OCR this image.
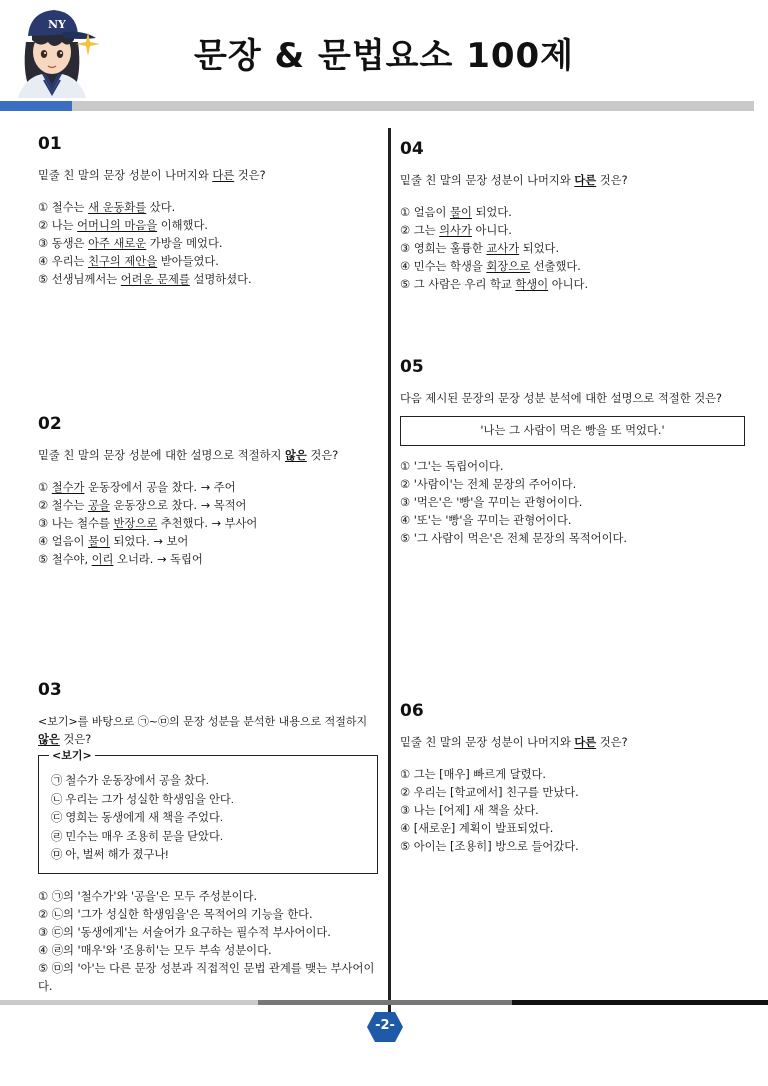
NY
문장 & 문법요소 100제
01
밑줄 친 말의 문장 성분이 나머지와 다른 것은?
① 철수는 새 운동화를 샀다.
② 나는 어머니의 마음을 이해했다.
③ 동생은 아주 새로운 가방을 메었다.
④ 우리는 친구의 제안을 받아들였다.
⑤ 선생님께서는 어려운 문제를 설명하셨다.
02
밑줄 친 말의 문장 성분에 대한 설명으로 적절하지 않은 것은?
① 철수가 운동장에서 공을 찼다. → 주어
② 철수는 공을 운동장으로 찼다. → 목적어
③ 나는 철수를 반장으로 추천했다. → 부사어
④ 얼음이 물이 되었다. → 보어
⑤ 철수야, 이리 오너라. → 독립어
03
<보기>를 바탕으로 ㉠~㉤의 문장 성분을 분석한 내용으로 적절하지
않은 것은?
<보기>
㉠ 철수가 운동장에서 공을 찼다.
㉡ 우리는 그가 성실한 학생임을 안다.
㉢ 영희는 동생에게 새 책을 주었다.
㉣ 민수는 매우 조용히 문을 닫았다.
㉤ 아, 벌써 해가 졌구나!
① ㉠의 '철수가'와 '공을'은 모두 주성분이다.
② ㉡의 '그가 성실한 학생임을'은 목적어의 기능을 한다.
③ ㉢의 '동생에게'는 서술어가 요구하는 필수적 부사어이다.
④ ㉣의 '매우'와 '조용히'는 모두 부속 성분이다.
⑤ ㉤의 '아'는 다른 문장 성분과 직접적인 문법 관계를 맺는 부사어이다.
04
밑줄 친 말의 문장 성분이 나머지와 다른 것은?
① 얼음이 물이 되었다.
② 그는 의사가 아니다.
③ 영희는 훌륭한 교사가 되었다.
④ 민수는 학생을 회장으로 선출했다.
⑤ 그 사람은 우리 학교 학생이 아니다.
05
다음 제시된 문장의 문장 성분 분석에 대한 설명으로 적절한 것은?
'나는 그 사람이 먹은 빵을 또 먹었다.'
① '그'는 독립어이다.
② '사람이'는 전체 문장의 주어이다.
③ '먹은'은 '빵'을 꾸미는 관형어이다.
④ '또'는 '빵'을 꾸미는 관형어이다.
⑤ '그 사람이 먹은'은 전체 문장의 목적어이다.
06
밑줄 친 말의 문장 성분이 나머지와 다른 것은?
① 그는 [매우] 빠르게 달렸다.
② 우리는 [학교에서] 친구를 만났다.
③ 나는 [어제] 새 책을 샀다.
④ [새로운] 계획이 발표되었다.
⑤ 아이는 [조용히] 방으로 들어갔다.
-2-
